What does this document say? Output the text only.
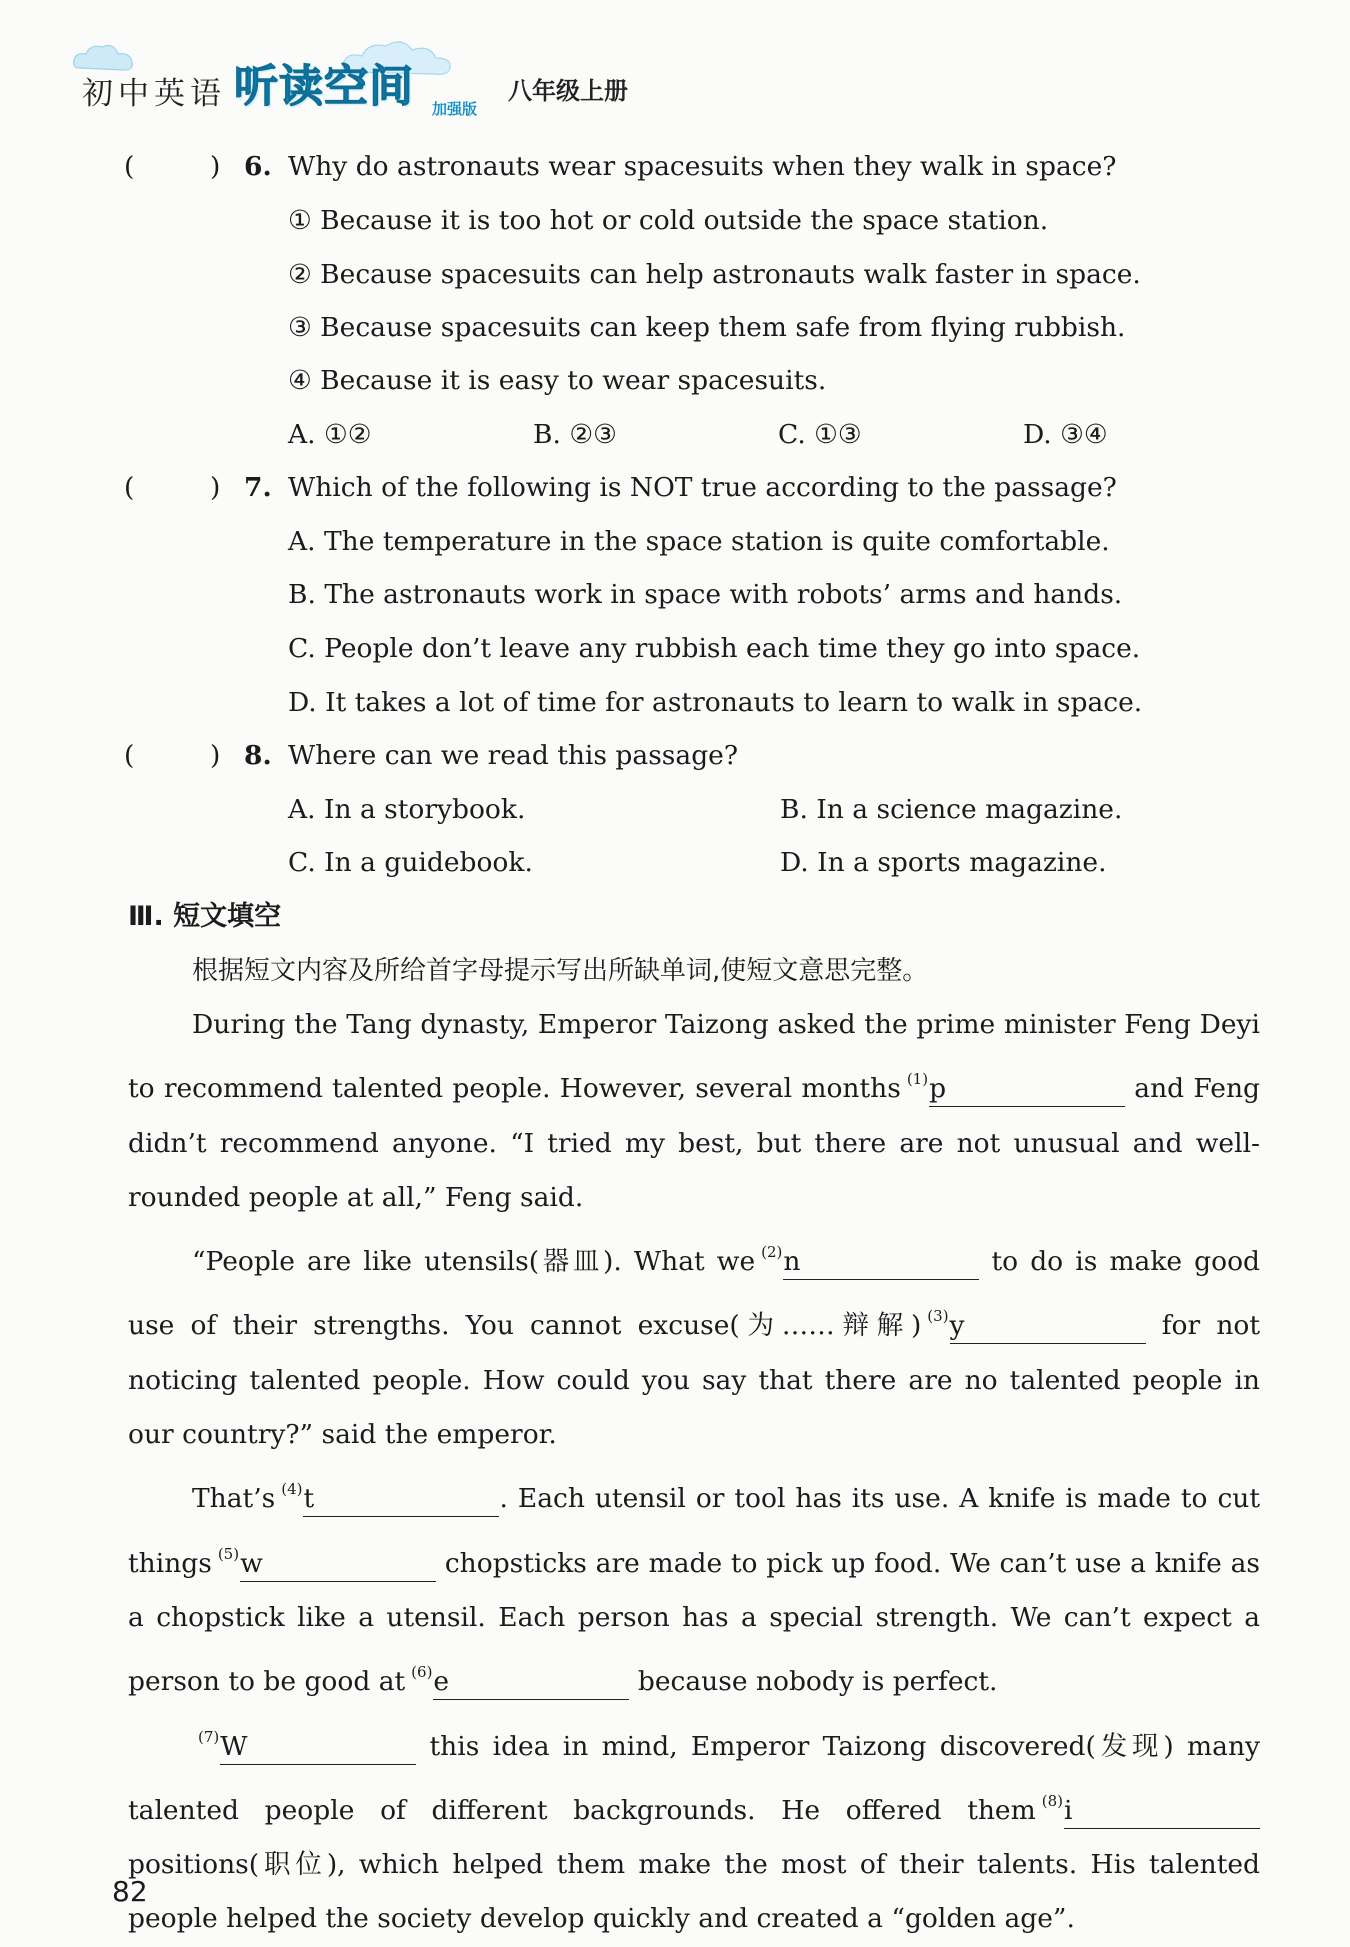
初中英语 听读空间 加强版
八年级上册
(	) 6. Why do astronauts wear spacesuits when they walk in space?
① Because it is too hot or cold outside the space station.
② Because spacesuits can help astronauts walk faster in space.
③ Because spacesuits can keep them safe from flying rubbish.
④ Because it is easy to wear spacesuits.
A. ①②	B. ②③	C. ①③	D. ③④
(	) 7. Which of the following is NOT true according to the passage?
A. The temperature in the space station is quite comfortable.
B. The astronauts work in space with robots’ arms and hands.
C. People don’t leave any rubbish each time they go into space.
D. It takes a lot of time for astronauts to learn to walk in space.
(	) 8. Where can we read this passage?
A. In a storybook.	B. In a science magazine.
C. In a guidebook.	D. In a sports magazine.
Ⅲ. 短文填空
根据短文内容及所给首字母提示写出所缺单词,使短文意思完整。

During the Tang dynasty, Emperor Taizong asked the prime minister Feng Deyi to recommend talented people. However, several months $^{(1)}$p	and Feng didn’t recommend anyone. “I tried my best, but there are not unusual and well-rounded people at all,” Feng said.

“People are like utensils(器皿). What we $^{(2)}$n	to do is make good use of their strengths. You cannot excuse(为……辩解) $^{(3)}$y	for not noticing talented people. How could you say that there are no talented people in our country?” said the emperor.

That’s $^{(4)}$t	. Each utensil or tool has its use. A knife is made to cut things $^{(5)}$w	chopsticks are made to pick up food. We can’t use a knife as a chopstick like a utensil. Each person has a special strength. We can’t expect a person to be good at $^{(6)}$e	because nobody is perfect.

$^{(7)}$W	this idea in mind, Emperor Taizong discovered(发现) many talented people of different backgrounds. He offered them $^{(8)}$i positions(职位), which helped them make the most of their talents. His talented people helped the society develop quickly and created a “golden age”.

82
